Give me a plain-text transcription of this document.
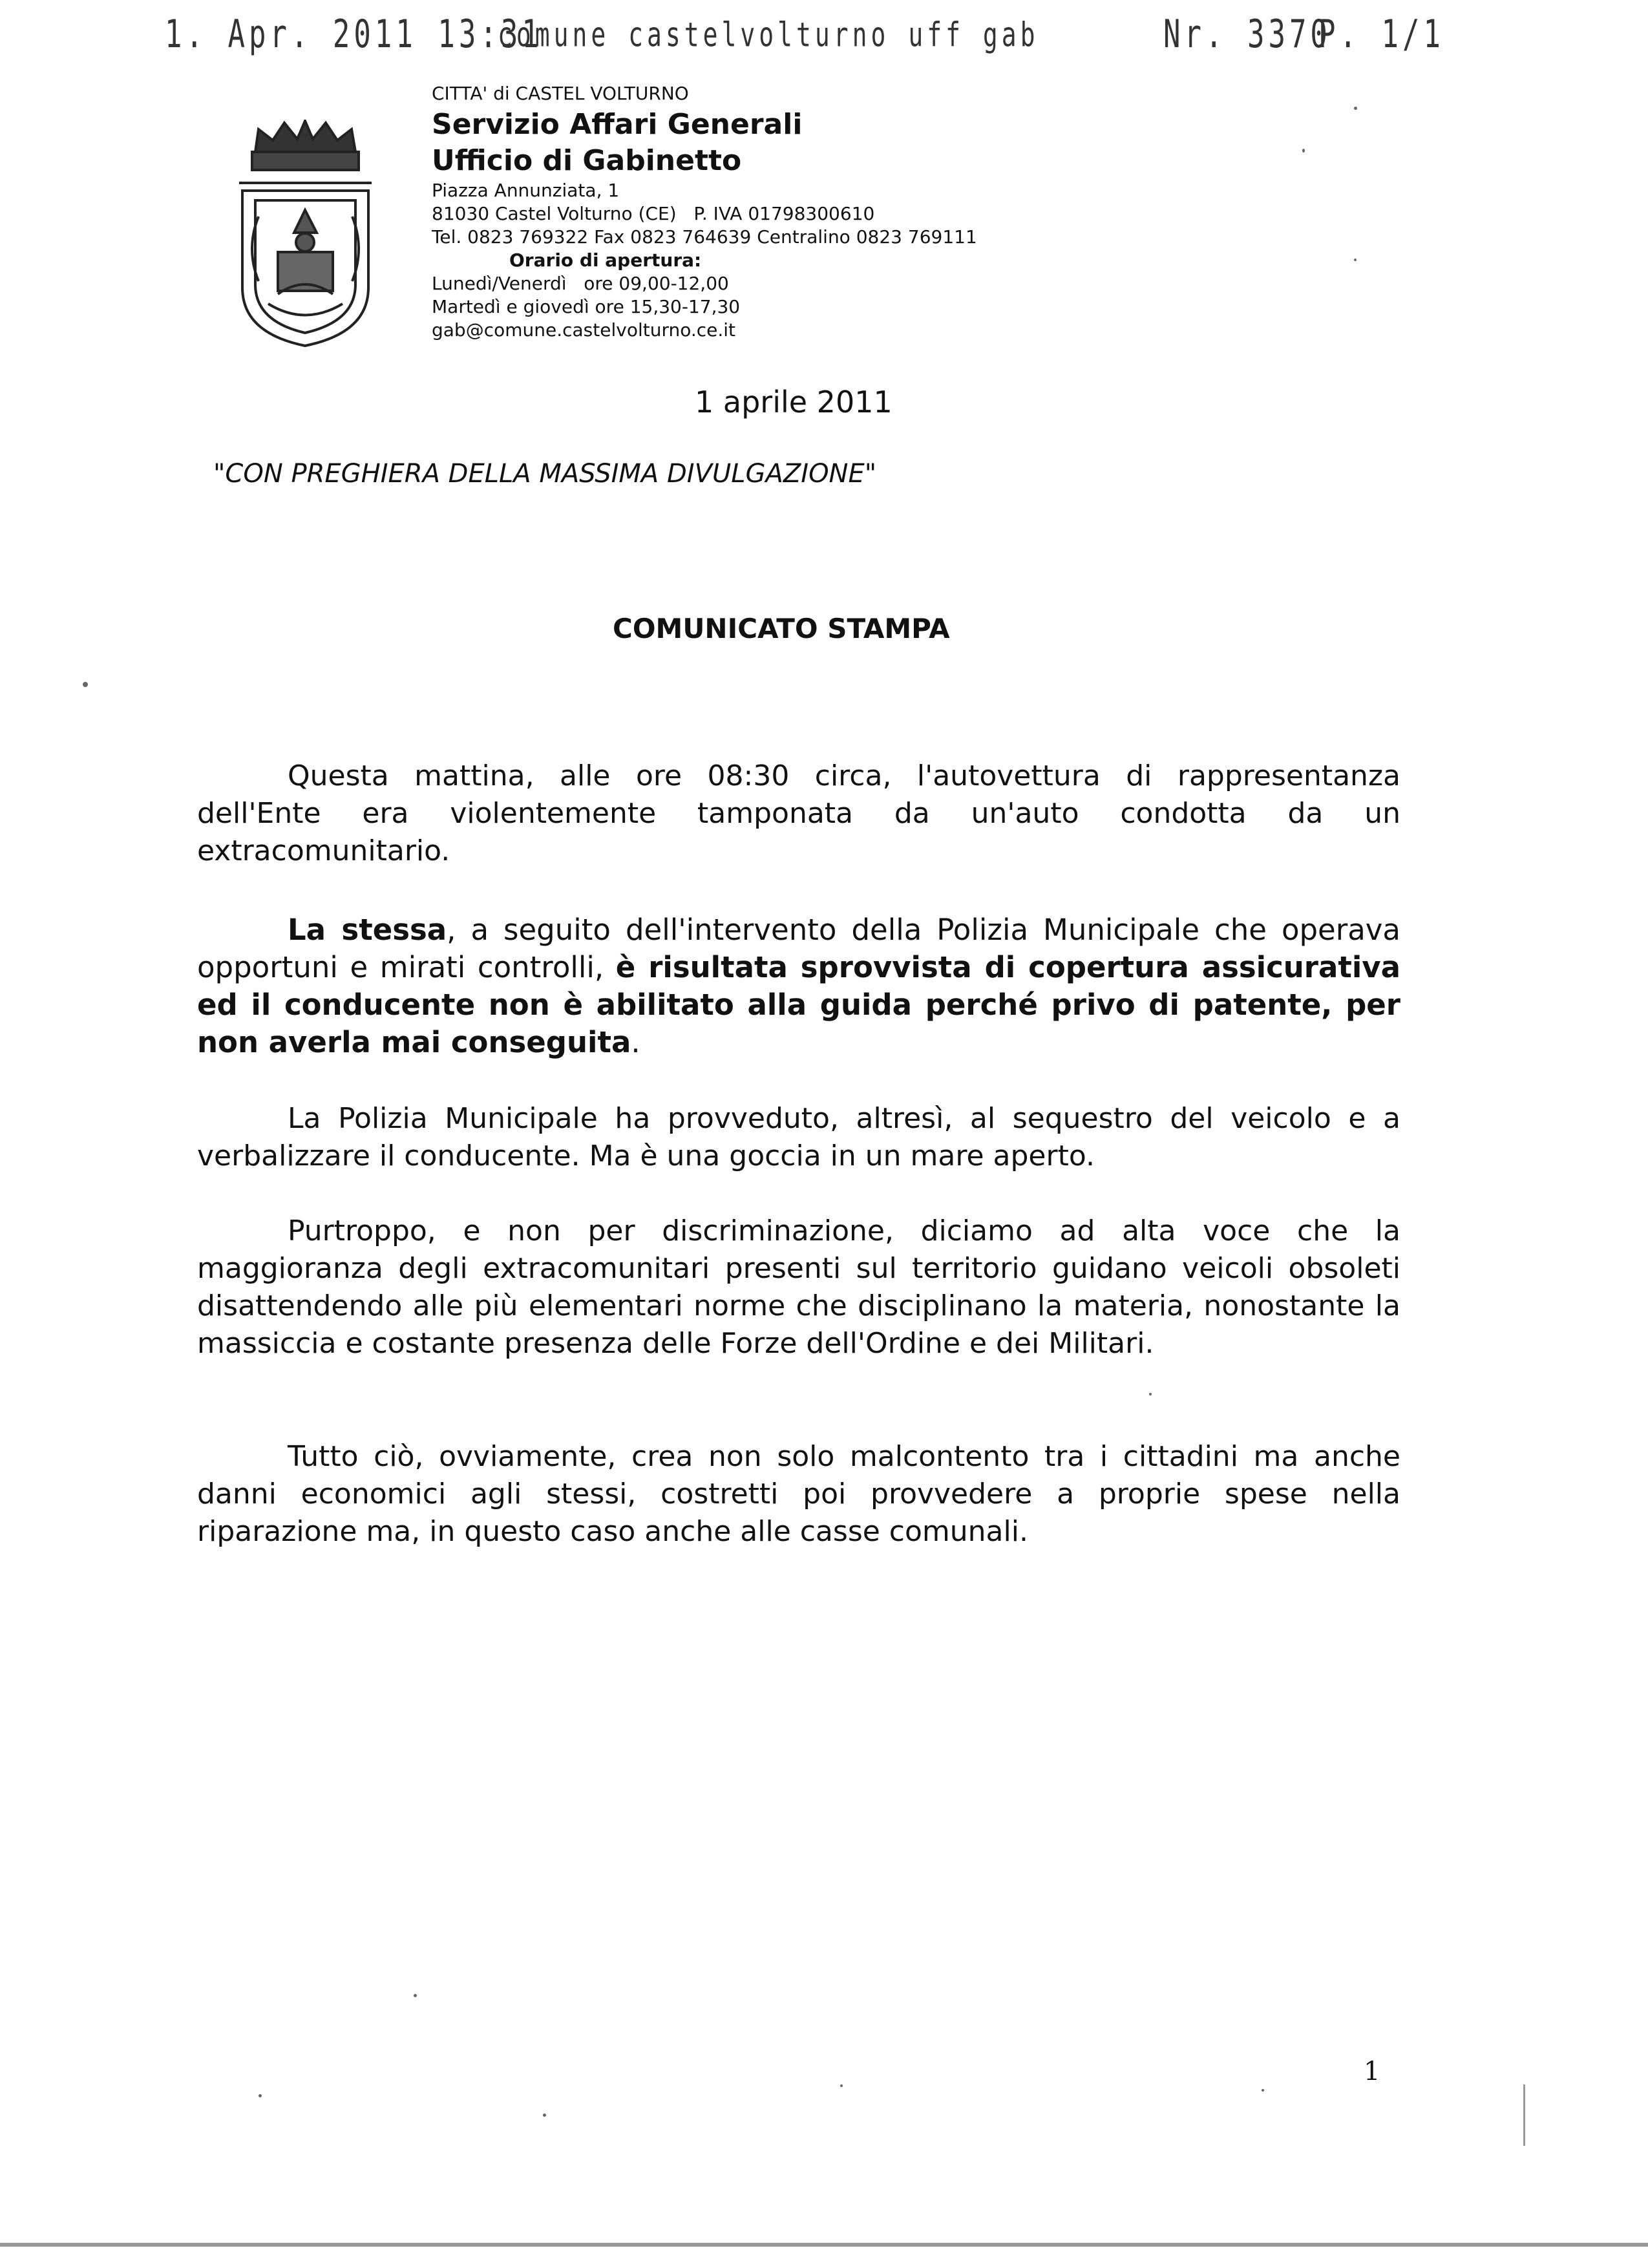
1. Apr. 2011 13:31
comune castelvolturno uff gab	Nr. 3370
P. 1/1
CITTA' di CASTEL VOLTURNO
Servizio Affari Generali
Ufficio di Gabinetto
Piazza Annunziata, 1
81030 Castel Volturno (CE)   P. IVA 01798300610
Tel. 0823 769322 Fax 0823 764639 Centralino 0823 769111
Orario di apertura:
Lunedì/Venerdì   ore 09,00-12,00
Martedì e giovedì ore 15,30-17,30
gab@comune.castelvolturno.ce.it
1 aprile 2011
"CON PREGHIERA DELLA MASSIMA DIVULGAZIONE"
COMUNICATO STAMPA

Questa mattina, alle ore 08:30 circa, l'autovettura di rappresentanza dell'Ente era violentemente tamponata da un'auto condotta da un extracomunitario.

La stessa, a seguito dell'intervento della Polizia Municipale che operava opportuni e mirati controlli, è risultata sprovvista di copertura assicurativa ed il conducente non è abilitato alla guida perché privo di patente, per non averla mai conseguita.

La Polizia Municipale ha provveduto, altresì, al sequestro del veicolo e a verbalizzare il conducente. Ma è una goccia in un mare aperto.

Purtroppo, e non per discriminazione, diciamo ad alta voce che la maggioranza degli extracomunitari presenti sul territorio guidano veicoli obsoleti disattendendo alle più elementari norme che disciplinano la materia, nonostante la massiccia e costante presenza delle Forze dell'Ordine e dei Militari.

Tutto ciò, ovviamente, crea non solo malcontento tra i cittadini ma anche danni economici agli stessi, costretti poi provvedere a proprie spese nella riparazione ma, in questo caso anche alle casse comunali.

1
